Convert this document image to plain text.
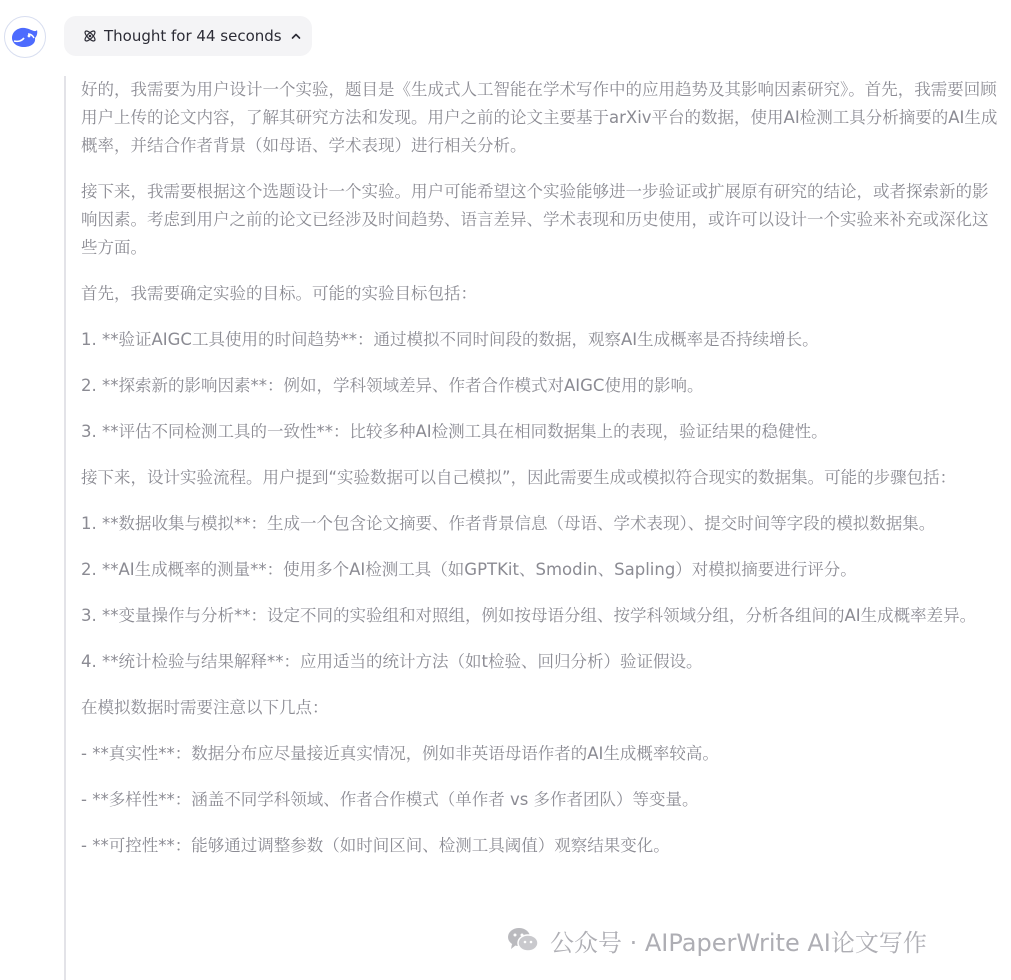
Thought for 44 seconds

好的，我需要为用户设计一个实验，题目是《生成式人工智能在学术写作中的应用趋势及其影响因素研究》。首先，我需要回顾用户上传的论文内容，了解其研究方法和发现。用户之前的论文主要基于arXiv平台的数据，使用AI检测工具分析摘要的AI生成概率，并结合作者背景（如母语、学术表现）进行相关分析。

接下来，我需要根据这个选题设计一个实验。用户可能希望这个实验能够进一步验证或扩展原有研究的结论，或者探索新的影响因素。考虑到用户之前的论文已经涉及时间趋势、语言差异、学术表现和历史使用，或许可以设计一个实验来补充或深化这些方面。

首先，我需要确定实验的目标。可能的实验目标包括：

1. **验证AIGC工具使用的时间趋势**：通过模拟不同时间段的数据，观察AI生成概率是否持续增长。

2. **探索新的影响因素**：例如，学科领域差异、作者合作模式对AIGC使用的影响。

3. **评估不同检测工具的一致性**：比较多种AI检测工具在相同数据集上的表现，验证结果的稳健性。

接下来，设计实验流程。用户提到“实验数据可以自己模拟”，因此需要生成或模拟符合现实的数据集。可能的步骤包括：

1. **数据收集与模拟**：生成一个包含论文摘要、作者背景信息（母语、学术表现）、提交时间等字段的模拟数据集。

2. **AI生成概率的测量**：使用多个AI检测工具（如GPTKit、Smodin、Sapling）对模拟摘要进行评分。

3. **变量操作与分析**：设定不同的实验组和对照组，例如按母语分组、按学科领域分组，分析各组间的AI生成概率差异。

4. **统计检验与结果解释**：应用适当的统计方法（如t检验、回归分析）验证假设。

在模拟数据时需要注意以下几点：

- **真实性**：数据分布应尽量接近真实情况，例如非英语母语作者的AI生成概率较高。

- **多样性**：涵盖不同学科领域、作者合作模式（单作者 vs 多作者团队）等变量。

- **可控性**：能够通过调整参数（如时间区间、检测工具阈值）观察结果变化。

公众号 · AIPaperWrite AI论文写作
